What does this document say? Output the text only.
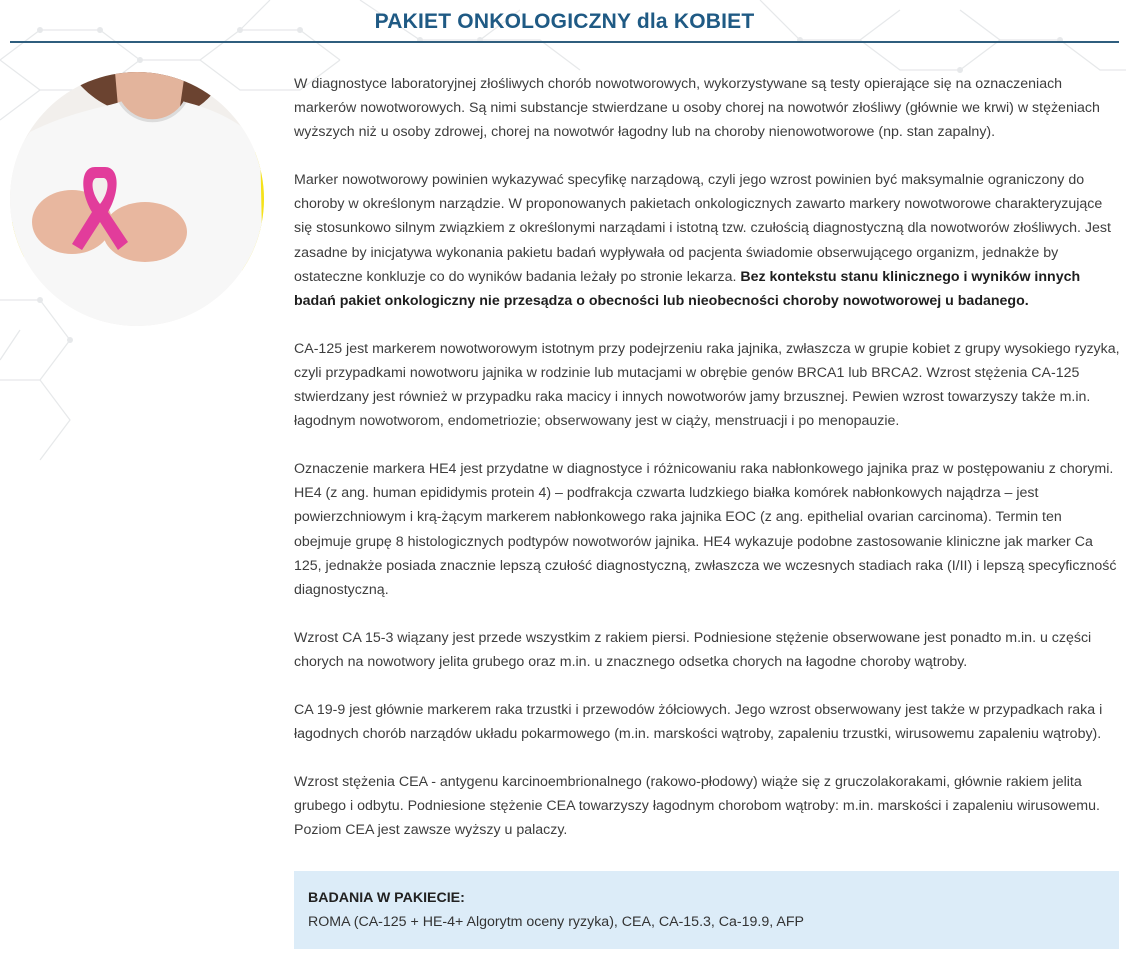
PAKIET ONKOLOGICZNY dla KOBIET

W diagnostyce laboratoryjnej złośliwych chorób nowotworowych, wykorzystywane są testy opierające się na oznaczeniach markerów nowotworowych. Są nimi substancje stwierdzane u osoby chorej na nowotwór złośliwy (głównie we krwi) w stężeniach wyższych niż u osoby zdrowej, chorej na nowotwór łagodny lub na choroby nienowotworowe (np. stan zapalny).

Marker nowotworowy powinien wykazywać specyfikę narządową, czyli jego wzrost powinien być maksymalnie ograniczony do choroby w określonym narządzie. W proponowanych pakietach onkologicznych zawarto markery nowotworowe charakteryzujące się stosunkowo silnym związkiem z określonymi narządami i istotną tzw. czułością diagnostyczną dla nowotworów złośliwych. Jest zasadne by inicjatywa wykonania pakietu badań wypływała od pacjenta świadomie obserwującego organizm, jednakże by ostateczne konkluzje co do wyników badania leżały po stronie lekarza. Bez kontekstu stanu klinicznego i wyników innych badań pakiet onkologiczny nie przesądza o obecności lub nieobecności choroby nowotworowej u badanego.

CA-125 jest markerem nowotworowym istotnym przy podejrzeniu raka jajnika, zwłaszcza w grupie kobiet z grupy wysokiego ryzyka, czyli przypadkami nowotworu jajnika w rodzinie lub mutacjami w obrębie genów BRCA1 lub BRCA2. Wzrost stężenia CA-125 stwierdzany jest również w przypadku raka macicy i innych nowotworów jamy brzusznej. Pewien wzrost towarzyszy także m.in. łagodnym nowotworom, endometriozie; obserwowany jest w ciąży, menstruacji i po menopauzie.

Oznaczenie markera HE4 jest przydatne w diagnostyce i różnicowaniu raka nabłonkowego jajnika praz w postępowaniu z chorymi. HE4 (z ang. human epididymis protein 4) – podfrakcja czwarta ludzkiego białka komórek nabłonkowych najądrza – jest powierzchniowym i krą-żącym markerem nabłonkowego raka jajnika EOC (z ang. epithelial ovarian carcinoma). Termin ten obejmuje grupę 8 histologicznych podtypów nowotworów jajnika. HE4 wykazuje podobne zastosowanie kliniczne jak marker Ca 125, jednakże posiada znacznie lepszą czułość diagnostyczną, zwłaszcza we wczesnych stadiach raka (I/II) i lepszą specyficzność diagnostyczną.

Wzrost CA 15-3 wiązany jest przede wszystkim z rakiem piersi. Podniesione stężenie obserwowane jest ponadto m.in. u części chorych na nowotwory jelita grubego oraz m.in. u znacznego odsetka chorych na łagodne choroby wątroby.

CA 19-9 jest głównie markerem raka trzustki i przewodów żółciowych. Jego wzrost obserwowany jest także w przypadkach raka i łagodnych chorób narządów układu pokarmowego (m.in. marskości wątroby, zapaleniu trzustki, wirusowemu zapaleniu wątroby).

Wzrost stężenia CEA - antygenu karcinoembrionalnego (rakowo-płodowy) wiąże się z gruczolakorakami, głównie rakiem jelita grubego i odbytu. Podniesione stężenie CEA towarzyszy łagodnym chorobom wątroby: m.in. marskości i zapaleniu wirusowemu. Poziom CEA jest zawsze wyższy u palaczy.

BADANIA W PAKIECIE:
ROMA (CA-125 + HE-4+ Algorytm oceny ryzyka), CEA, CA-15.3, Ca-19.9, AFP
